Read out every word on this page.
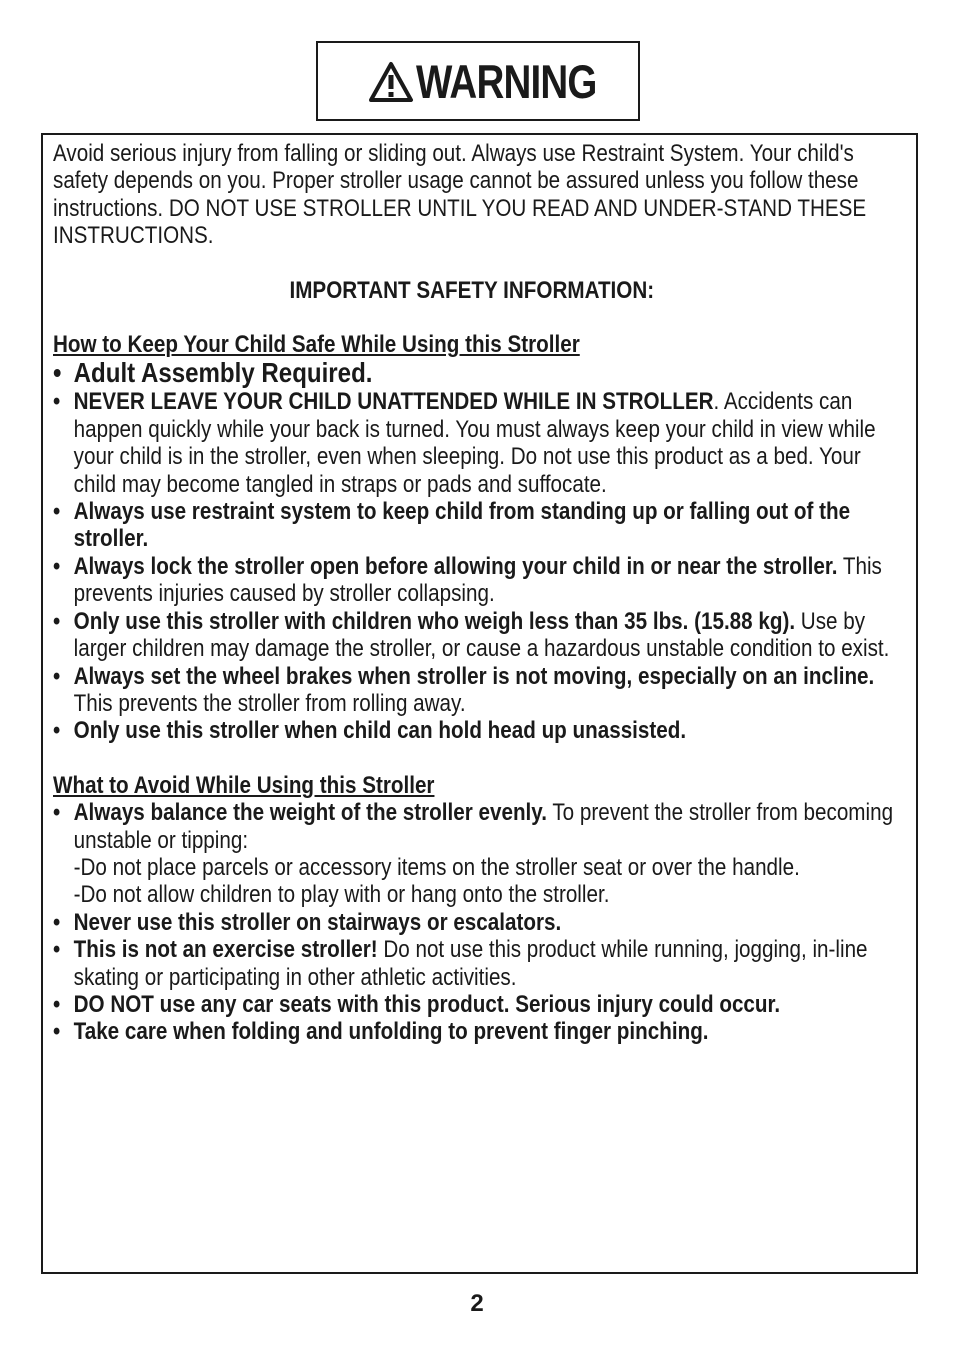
WARNING

Avoid serious injury from falling or sliding out. Always use Restraint System. Your child's safety depends on you. Proper stroller usage cannot be assured unless you follow these instructions. DO NOT USE STROLLER UNTIL YOU READ AND UNDER-STAND THESE INSTRUCTIONS.

IMPORTANT SAFETY INFORMATION:

How to Keep Your Child Safe While Using this Stroller

• Adult Assembly Required.
• NEVER LEAVE YOUR CHILD UNATTENDED WHILE IN STROLLER. Accidents can happen quickly while your back is turned. You must always keep your child in view while your child is in the stroller, even when sleeping. Do not use this product as a bed. Your child may become tangled in straps or pads and suffocate.
• Always use restraint system to keep child from standing up or falling out of the stroller.
• Always lock the stroller open before allowing your child in or near the stroller. This prevents injuries caused by stroller collapsing.
• Only use this stroller with children who weigh less than 35 lbs. (15.88 kg). Use by larger children may damage the stroller, or cause a hazardous unstable condition to exist.
• Always set the wheel brakes when stroller is not moving, especially on an incline. This prevents the stroller from rolling away.
• Only use this stroller when child can hold head up unassisted.

What to Avoid While Using this Stroller

• Always balance the weight of the stroller evenly. To prevent the stroller from becoming unstable or tipping:
-Do not place parcels or accessory items on the stroller seat or over the handle.
-Do not allow children to play with or hang onto the stroller.
• Never use this stroller on stairways or escalators.
• This is not an exercise stroller! Do not use this product while running, jogging, in-line skating or participating in other athletic activities.
• DO NOT use any car seats with this product. Serious injury could occur.
• Take care when folding and unfolding to prevent finger pinching.
2
